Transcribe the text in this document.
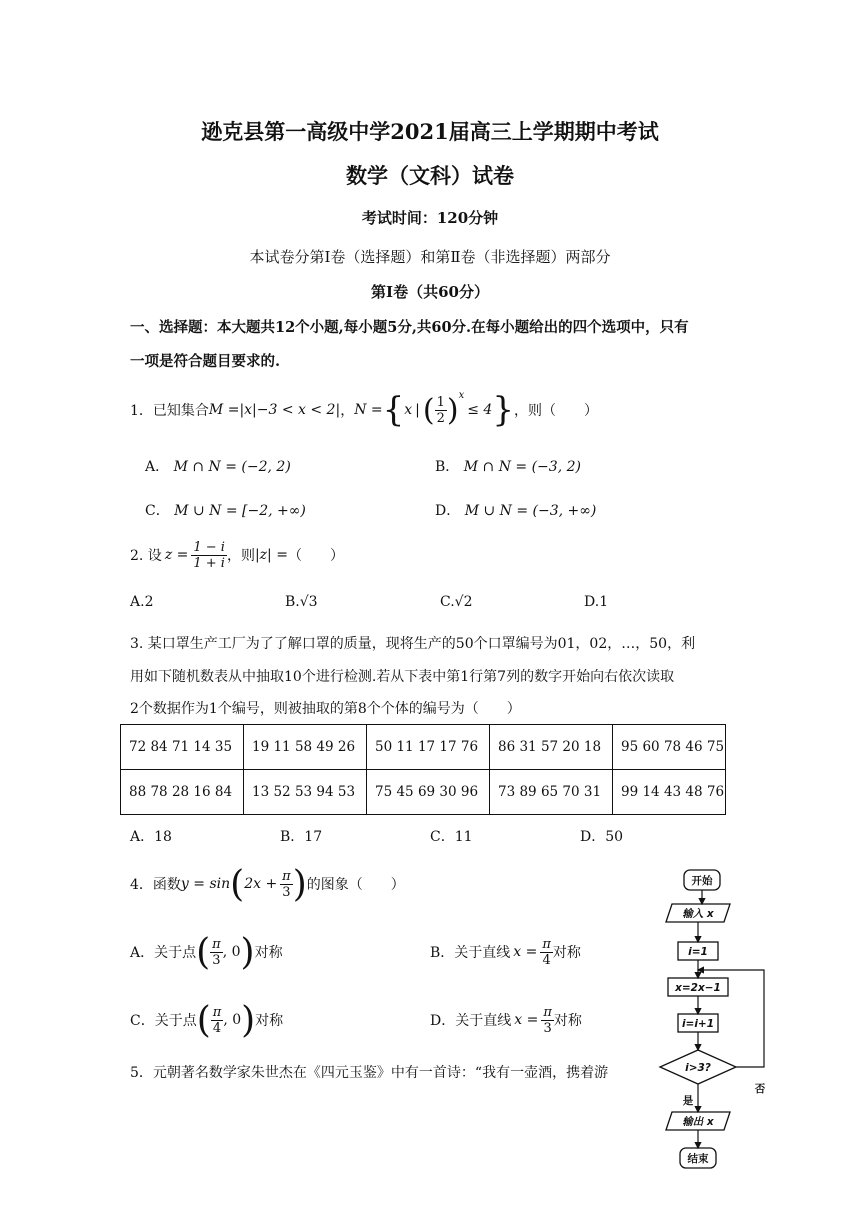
逊克县第一高级中学2021届高三上学期期中考试
数学（文科）试卷
考试时间：120分钟
本试卷分第Ⅰ卷（选择题）和第Ⅱ卷（非选择题）两部分
第Ⅰ卷（共60分）
一、选择题：本大题共12个小题,每小题5分,共60分.在每小题给出的四个选项中，只有
一项是符合题目要求的.
1．已知集合 M =|x|−3 < x < 2| ， N = { x | ( $\frac{1}{2} )^x$
≤ 4 } ，则（　　）
A． M ∩ N = (−2, 2)	B． M ∩ N = (−3, 2)
C． M ∪ N = [−2, +∞)	D． M ∪ N = (−3, +∞)
2. 设 $z = \frac{1 - i}{1 + i}$ ，则 |z| = （　　）
A.2	B.√3	C.√2	D.1
3. 某口罩生产工厂为了了解口罩的质量，现将生产的50个口罩编号为01，02，…，50，利
用如下随机数表从中抽取10个进行检测.若从下表中第1行第7列的数字开始向右依次读取
2个数据作为1个编号，则被抽取的第8个个体的编号为（　　）
72 84 71 14 35	19 11 58 49 26	50 11 17 17 76	86 31 57 20 18	95 60 78 46 75
88 78 28 16 84	13 52 53 94 53	75 45 69 30 96	73 89 65 70 31	99 14 43 48 76
A．18	B．17	C．11	D．50
4．函数 y = sin ( $2x + \frac{\pi}{3}$ ) 的图象（　　）
A． 关于点 ( $\frac{\pi}{3}$ , 0 ) 对称	B． 关于直线 $x = \frac{\pi}{4}$ 对称
C． 关于点 ( $\frac{\pi}{4}$ , 0 ) 对称	D． 关于直线 $x = \frac{\pi}{3}$ 对称
5．元朝著名数学家朱世杰在《四元玉鉴》中有一首诗：“我有一壶酒，携着游
开始
输入 x
i=1
x=2x−1
i=i+1
i>3?
是
否
输出 x
结束
